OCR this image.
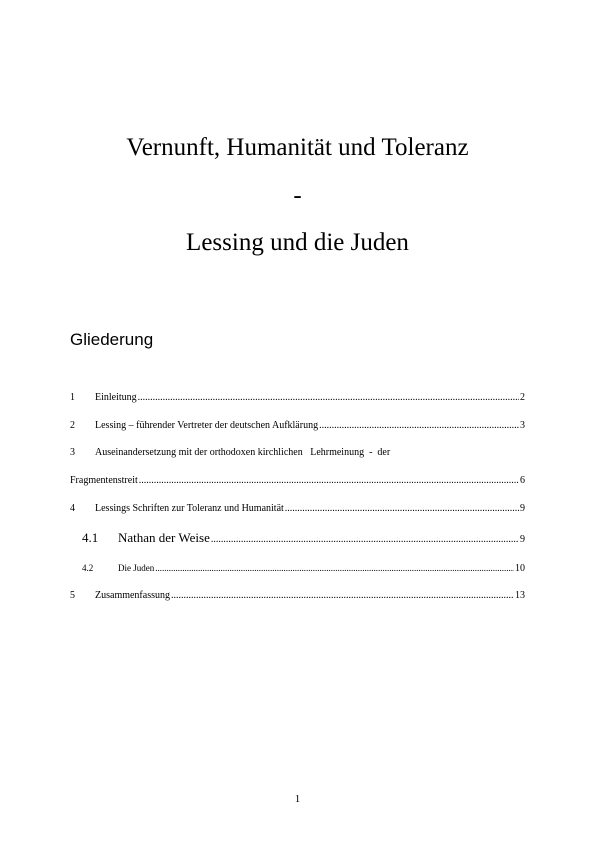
Vernunft, Humanität und Toleranz
-
Lessing und die Juden
Gliederung
1	Einleitung .....	2
2	Lessing – führender Vertreter der deutschen Aufklärung .....	3
3	Auseinandersetzung mit der orthodoxen kirchlichen   Lehrmeinung  -  der
Fragmentenstreit .....	6
4	Lessings Schriften zur Toleranz und Humanität .....	9
4.1	Nathan der Weise .....	9
4.2	Die Juden .....	10
5	Zusammenfassung .....	13
1
